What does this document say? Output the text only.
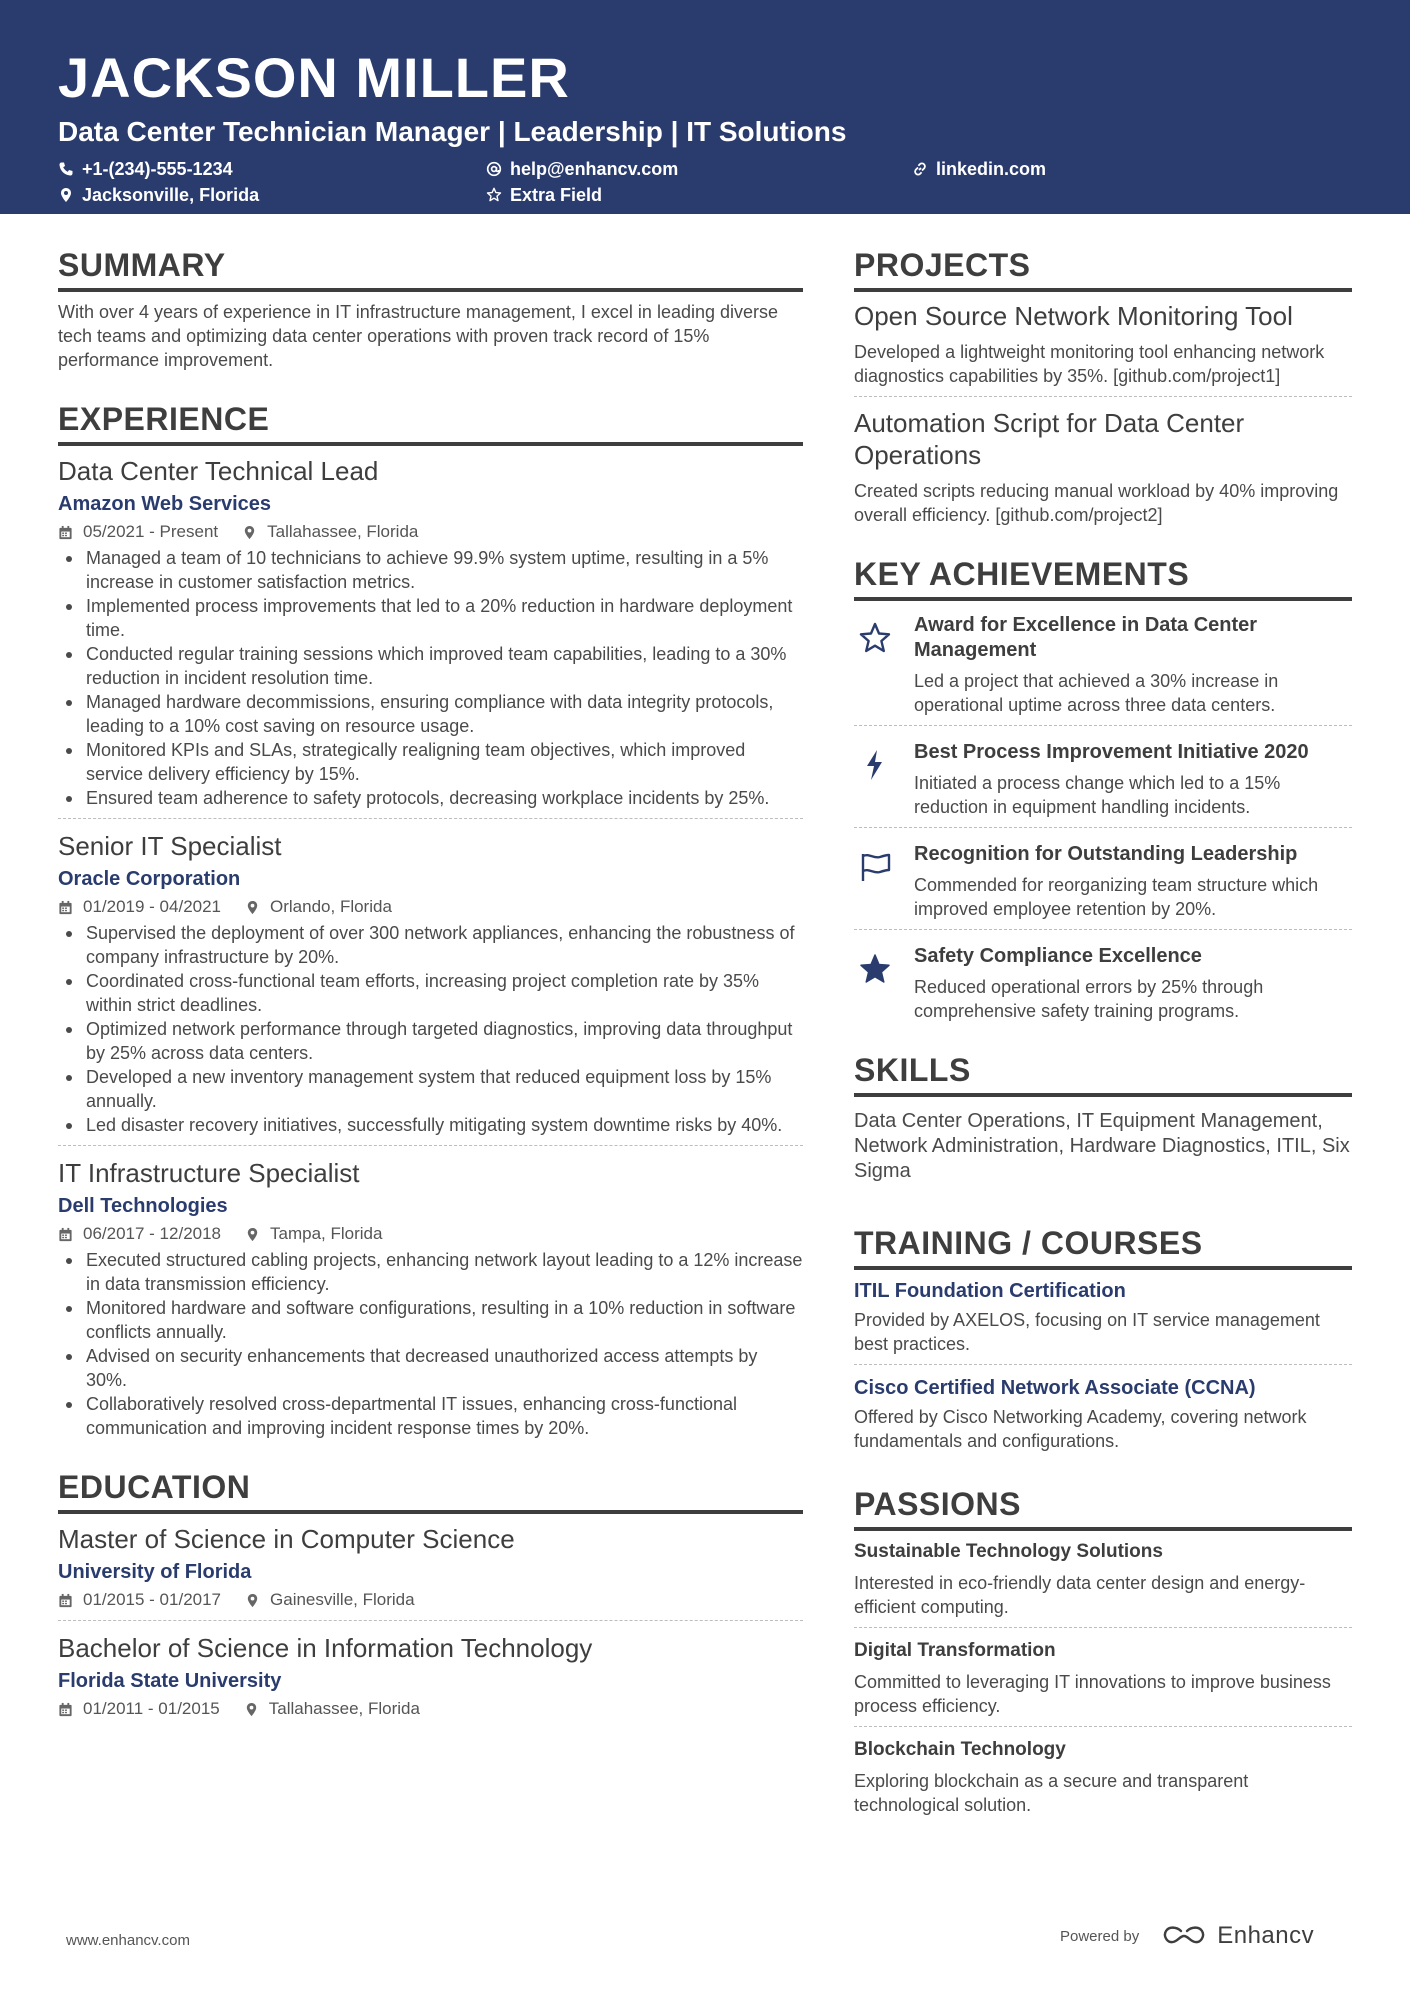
JACKSON MILLER
Data Center Technician Manager | Leadership | IT Solutions
+1-(234)-555-1234	help@enhancv.com	linkedin.com
Jacksonville, Florida	Extra Field
SUMMARY
With over 4 years of experience in IT infrastructure management, I excel in leading diverse tech teams and optimizing data center operations with proven track record of 15% performance improvement.
EXPERIENCE
Data Center Technical Lead
Amazon Web Services
05/2021 - Present	Tallahassee, Florida
Managed a team of 10 technicians to achieve 99.9% system uptime, resulting in a 5% increase in customer satisfaction metrics.
Implemented process improvements that led to a 20% reduction in hardware deployment time.
Conducted regular training sessions which improved team capabilities, leading to a 30% reduction in incident resolution time.
Managed hardware decommissions, ensuring compliance with data integrity protocols, leading to a 10% cost saving on resource usage.
Monitored KPIs and SLAs, strategically realigning team objectives, which improved service delivery efficiency by 15%.
Ensured team adherence to safety protocols, decreasing workplace incidents by 25%.
Senior IT Specialist
Oracle Corporation
01/2019 - 04/2021	Orlando, Florida
Supervised the deployment of over 300 network appliances, enhancing the robustness of company infrastructure by 20%.
Coordinated cross-functional team efforts, increasing project completion rate by 35% within strict deadlines.
Optimized network performance through targeted diagnostics, improving data throughput by 25% across data centers.
Developed a new inventory management system that reduced equipment loss by 15% annually.
Led disaster recovery initiatives, successfully mitigating system downtime risks by 40%.
IT Infrastructure Specialist
Dell Technologies
06/2017 - 12/2018	Tampa, Florida
Executed structured cabling projects, enhancing network layout leading to a 12% increase in data transmission efficiency.
Monitored hardware and software configurations, resulting in a 10% reduction in software conflicts annually.
Advised on security enhancements that decreased unauthorized access attempts by 30%.
Collaboratively resolved cross-departmental IT issues, enhancing cross-functional communication and improving incident response times by 20%.
EDUCATION
Master of Science in Computer Science
University of Florida
01/2015 - 01/2017	Gainesville, Florida
Bachelor of Science in Information Technology
Florida State University
01/2011 - 01/2015	Tallahassee, Florida
PROJECTS
Open Source Network Monitoring Tool
Developed a lightweight monitoring tool enhancing network diagnostics capabilities by 35%. [github.com/project1]
Automation Script for Data Center Operations
Created scripts reducing manual workload by 40% improving overall efficiency. [github.com/project2]
KEY ACHIEVEMENTS
Award for Excellence in Data Center Management
Led a project that achieved a 30% increase in operational uptime across three data centers.
Best Process Improvement Initiative 2020
Initiated a process change which led to a 15% reduction in equipment handling incidents.
Recognition for Outstanding Leadership
Commended for reorganizing team structure which improved employee retention by 20%.
Safety Compliance Excellence
Reduced operational errors by 25% through comprehensive safety training programs.
SKILLS
Data Center Operations, IT Equipment Management, Network Administration, Hardware Diagnostics, ITIL, Six Sigma
TRAINING / COURSES
ITIL Foundation Certification
Provided by AXELOS, focusing on IT service management best practices.
Cisco Certified Network Associate (CCNA)
Offered by Cisco Networking Academy, covering network fundamentals and configurations.
PASSIONS
Sustainable Technology Solutions
Interested in eco-friendly data center design and energy-efficient computing.
Digital Transformation
Committed to leveraging IT innovations to improve business process efficiency.
Blockchain Technology
Exploring blockchain as a secure and transparent technological solution.
www.enhancv.com	Powered by	Enhancv
